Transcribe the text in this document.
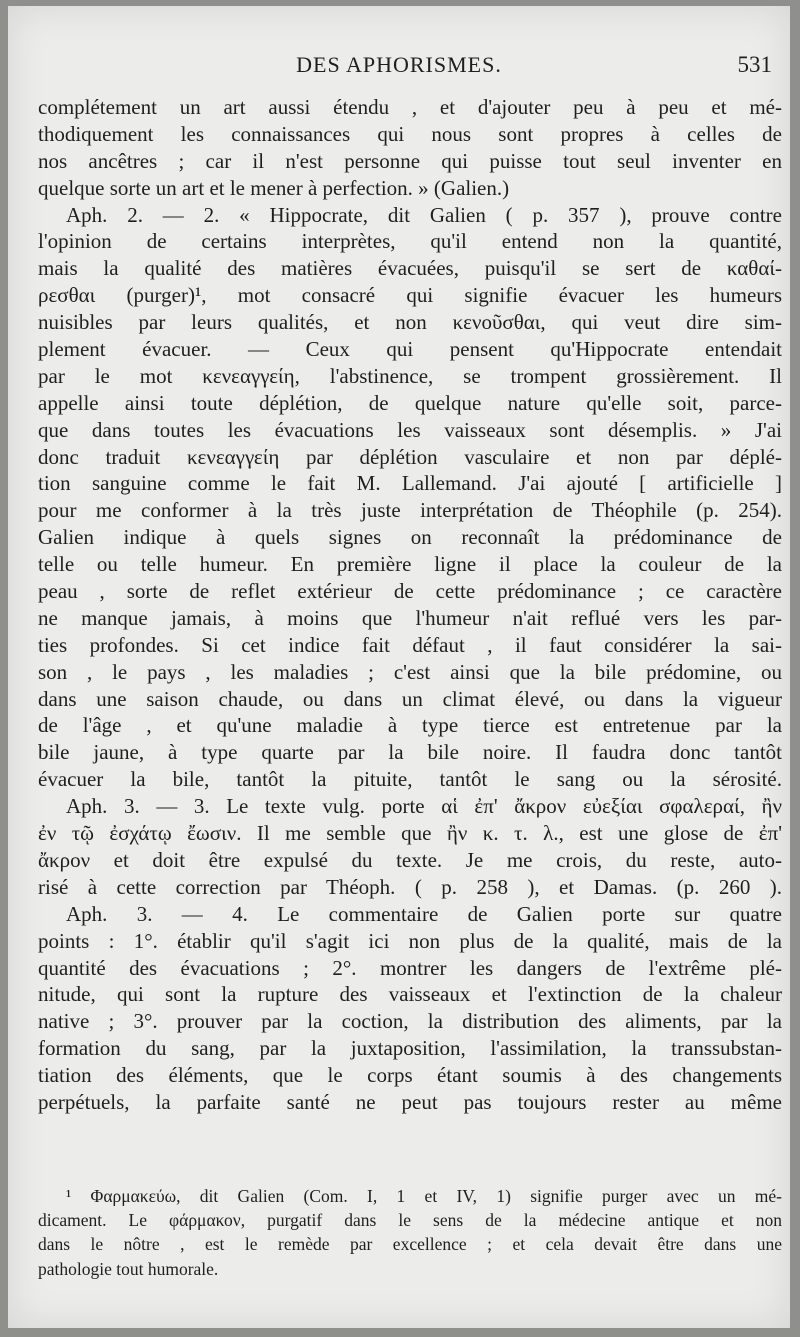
DES APHORISMES.	531
complétement un art aussi étendu , et d'ajouter peu à peu et mé-
thodiquement les connaissances qui nous sont propres à celles de
nos ancêtres ; car il n'est personne qui puisse tout seul inventer en
quelque sorte un art et le mener à perfection. » (Galien.)
Aph. 2. — 2. « Hippocrate, dit Galien ( p. 357 ), prouve contre
l'opinion de certains interprètes, qu'il entend non la quantité,
mais la qualité des matières évacuées, puisqu'il se sert de καθαί-
ρεσθαι (purger)¹, mot consacré qui signifie évacuer les humeurs
nuisibles par leurs qualités, et non κενοῦσθαι, qui veut dire sim-
plement évacuer. — Ceux qui pensent qu'Hippocrate entendait
par le mot κενεαγγείη, l'abstinence, se trompent grossièrement. Il
appelle ainsi toute déplétion, de quelque nature qu'elle soit, parce-
que dans toutes les évacuations les vaisseaux sont désemplis. » J'ai
donc traduit κενεαγγείη par déplétion vasculaire et non par déplé-
tion sanguine comme le fait M. Lallemand. J'ai ajouté [ artificielle ]
pour me conformer à la très juste interprétation de Théophile (p. 254).
Galien indique à quels signes on reconnaît la prédominance de
telle ou telle humeur. En première ligne il place la couleur de la
peau , sorte de reflet extérieur de cette prédominance ; ce caractère
ne manque jamais, à moins que l'humeur n'ait reflué vers les par-
ties profondes. Si cet indice fait défaut , il faut considérer la sai-
son , le pays , les maladies ; c'est ainsi que la bile prédomine, ou
dans une saison chaude, ou dans un climat élevé, ou dans la vigueur
de l'âge , et qu'une maladie à type tierce est entretenue par la
bile jaune, à type quarte par la bile noire. Il faudra donc tantôt
évacuer la bile, tantôt la pituite, tantôt le sang ou la sérosité.
Aph. 3. — 3. Le texte vulg. porte αἱ ἐπ' ἄκρον εὐεξίαι σφαλεραί, ἢν
ἐν τῷ ἐσχάτῳ ἔωσιν. Il me semble que ἢν κ. τ. λ., est une glose de ἐπ'
ἄκρον et doit être expulsé du texte. Je me crois, du reste, auto-
risé à cette correction par Théoph. ( p. 258 ), et Damas. (p. 260 ).
Aph. 3. — 4. Le commentaire de Galien porte sur quatre
points : 1°. établir qu'il s'agit ici non plus de la qualité, mais de la
quantité des évacuations ; 2°. montrer les dangers de l'extrême plé-
nitude, qui sont la rupture des vaisseaux et l'extinction de la chaleur
native ; 3°. prouver par la coction, la distribution des aliments, par la
formation du sang, par la juxtaposition, l'assimilation, la transsubstan-
tiation des éléments, que le corps étant soumis à des changements
perpétuels, la parfaite santé ne peut pas toujours rester au même
¹ Φαρμακεύω, dit Galien (Com. I, 1 et IV, 1) signifie purger avec un mé-
dicament. Le φάρμακον, purgatif dans le sens de la médecine antique et non
dans le nôtre , est le remède par excellence ; et cela devait être dans une
pathologie tout humorale.
